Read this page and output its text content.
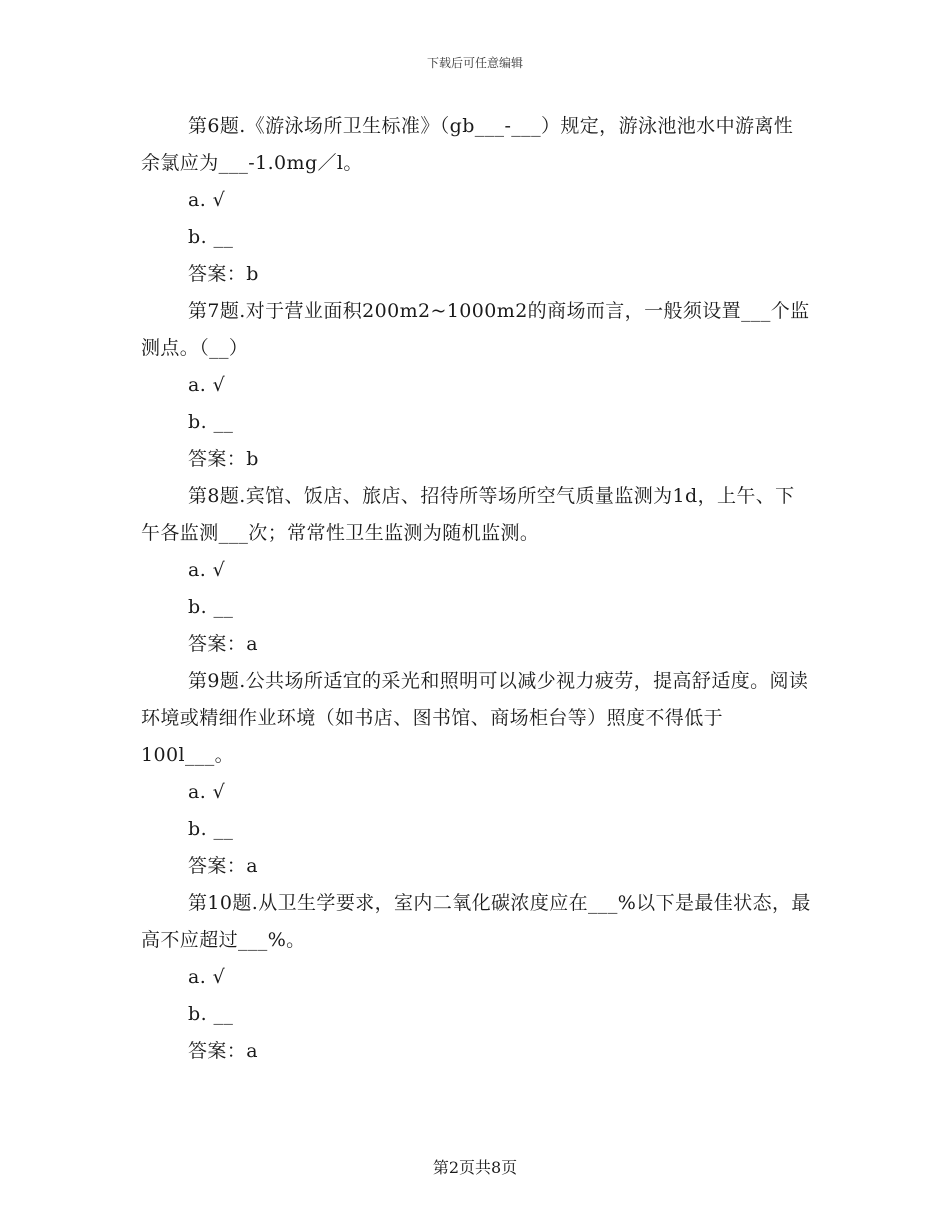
下载后可任意编辑

第6题.《游泳场所卫生标准》（gb___-___）规定，游泳池池水中游离性余氯应为___-1.0mg／l。

a. √

b. __

答案：b

第7题.对于营业面积200m2~1000m2的商场而言，一般须设置___个监测点。（__）

a. √

b. __

答案：b

第8题.宾馆、饭店、旅店、招待所等场所空气质量监测为1d，上午、下午各监测___次；常常性卫生监测为随机监测。

a. √

b. __

答案：a

第9题.公共场所适宜的采光和照明可以减少视力疲劳，提高舒适度。阅读环境或精细作业环境（如书店、图书馆、商场柜台等）照度不得低于100l___。

a. √

b. __

答案：a

第10题.从卫生学要求，室内二氧化碳浓度应在___%以下是最佳状态，最高不应超过___%。

a. √

b. __

答案：a

第2页共8页
